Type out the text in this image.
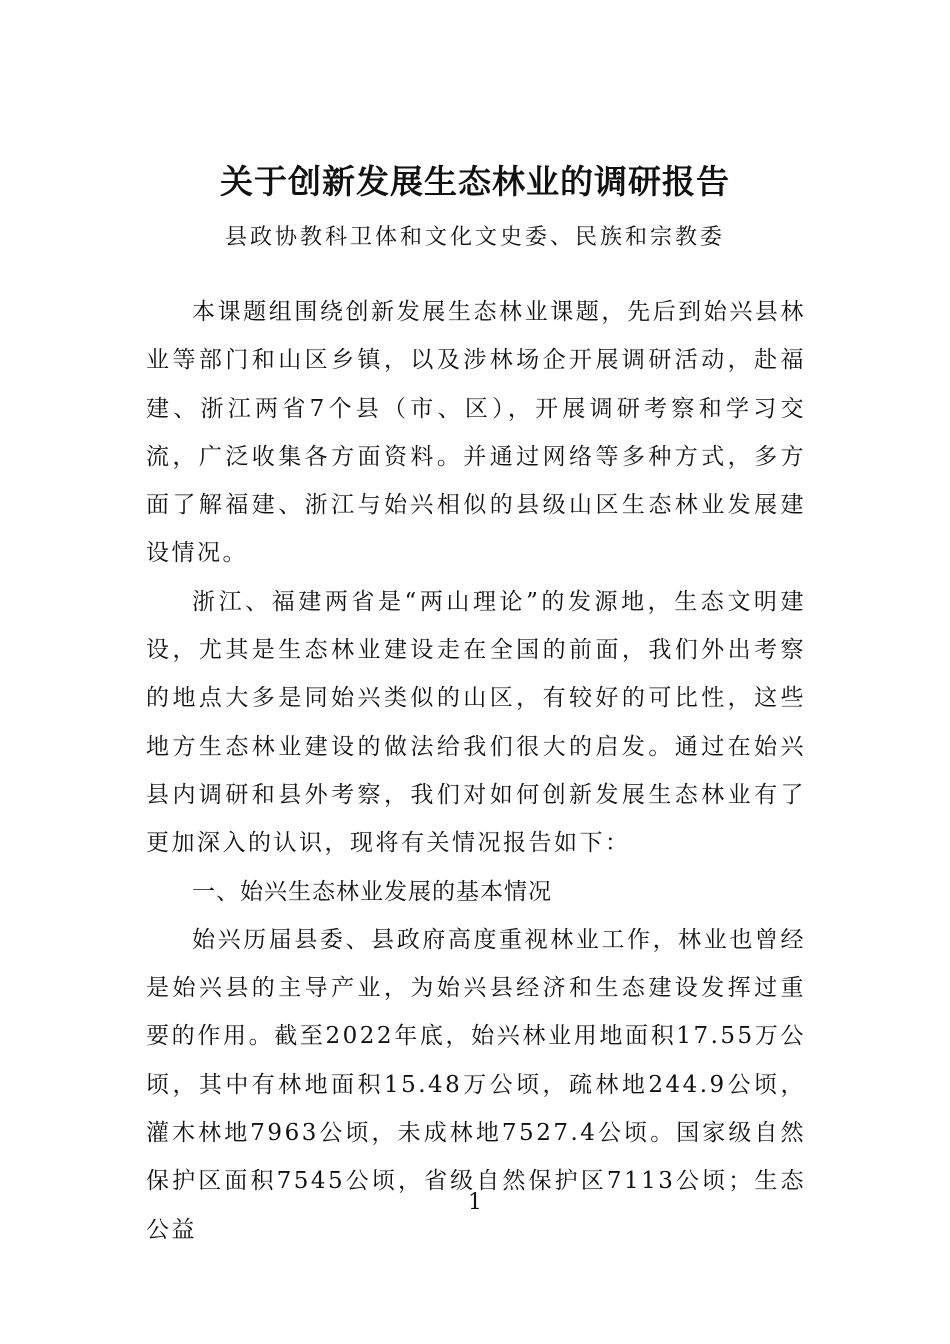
关于创新发展生态林业的调研报告

县政协教科卫体和文化文史委、民族和宗教委

本课题组围绕创新发展生态林业课题，先后到始兴县林业等部门和山区乡镇，以及涉林场企开展调研活动，赴福建、浙江两省7个县（市、区），开展调研考察和学习交流，广泛收集各方面资料。并通过网络等多种方式，多方面了解福建、浙江与始兴相似的县级山区生态林业发展建设情况。

浙江、福建两省是“两山理论”的发源地，生态文明建设，尤其是生态林业建设走在全国的前面，我们外出考察的地点大多是同始兴类似的山区，有较好的可比性，这些地方生态林业建设的做法给我们很大的启发。通过在始兴县内调研和县外考察，我们对如何创新发展生态林业有了更加深入的认识，现将有关情况报告如下：

一、始兴生态林业发展的基本情况

始兴历届县委、县政府高度重视林业工作，林业也曾经是始兴县的主导产业，为始兴县经济和生态建设发挥过重要的作用。截至2022年底，始兴林业用地面积17.55万公顷，其中有林地面积15.48万公顷，疏林地244.9公顷，灌木林地7963公顷，未成林地7527.4公顷。国家级自然保护区面积7545公顷，省级自然保护区7113公顷；生态公益

1
